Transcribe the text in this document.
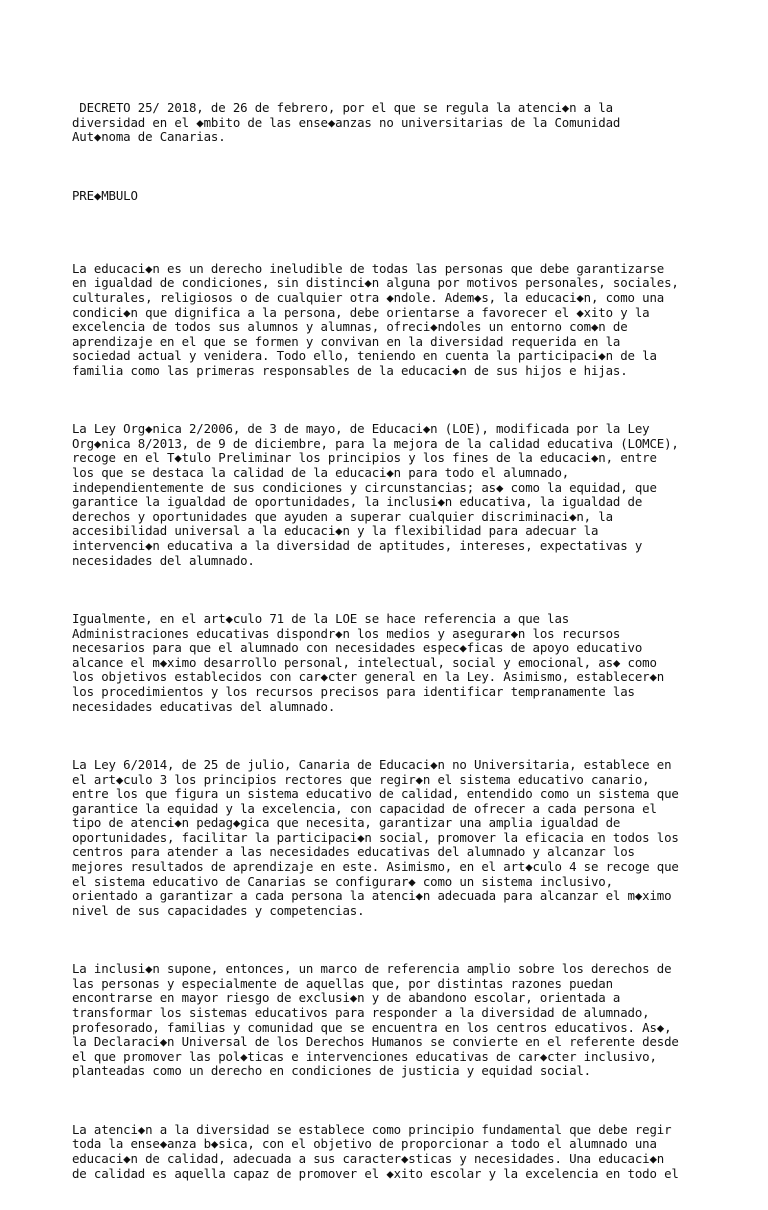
DECRETO 25/ 2018, de 26 de febrero, por el que se regula la atenci◆n a la
diversidad en el ◆mbito de las ense◆anzas no universitarias de la Comunidad
Aut◆noma de Canarias.

PRE◆MBULO

La educaci◆n es un derecho ineludible de todas las personas que debe garantizarse
en igualdad de condiciones, sin distinci◆n alguna por motivos personales, sociales,
culturales, religiosos o de cualquier otra ◆ndole. Adem◆s, la educaci◆n, como una
condici◆n que dignifica a la persona, debe orientarse a favorecer el ◆xito y la
excelencia de todos sus alumnos y alumnas, ofreci◆ndoles un entorno com◆n de
aprendizaje en el que se formen y convivan en la diversidad requerida en la
sociedad actual y venidera. Todo ello, teniendo en cuenta la participaci◆n de la
familia como las primeras responsables de la educaci◆n de sus hijos e hijas.

La Ley Org◆nica 2/2006, de 3 de mayo, de Educaci◆n (LOE), modificada por la Ley
Org◆nica 8/2013, de 9 de diciembre, para la mejora de la calidad educativa (LOMCE),
recoge en el T◆tulo Preliminar los principios y los fines de la educaci◆n, entre
los que se destaca la calidad de la educaci◆n para todo el alumnado,
independientemente de sus condiciones y circunstancias; as◆ como la equidad, que
garantice la igualdad de oportunidades, la inclusi◆n educativa, la igualdad de
derechos y oportunidades que ayuden a superar cualquier discriminaci◆n, la
accesibilidad universal a la educaci◆n y la flexibilidad para adecuar la
intervenci◆n educativa a la diversidad de aptitudes, intereses, expectativas y
necesidades del alumnado.

Igualmente, en el art◆culo 71 de la LOE se hace referencia a que las
Administraciones educativas dispondr◆n los medios y asegurar◆n los recursos
necesarios para que el alumnado con necesidades espec◆ficas de apoyo educativo
alcance el m◆ximo desarrollo personal, intelectual, social y emocional, as◆ como
los objetivos establecidos con car◆cter general en la Ley. Asimismo, establecer◆n
los procedimientos y los recursos precisos para identificar tempranamente las
necesidades educativas del alumnado.

La Ley 6/2014, de 25 de julio, Canaria de Educaci◆n no Universitaria, establece en
el art◆culo 3 los principios rectores que regir◆n el sistema educativo canario,
entre los que figura un sistema educativo de calidad, entendido como un sistema que
garantice la equidad y la excelencia, con capacidad de ofrecer a cada persona el
tipo de atenci◆n pedag◆gica que necesita, garantizar una amplia igualdad de
oportunidades, facilitar la participaci◆n social, promover la eficacia en todos los
centros para atender a las necesidades educativas del alumnado y alcanzar los
mejores resultados de aprendizaje en este. Asimismo, en el art◆culo 4 se recoge que
el sistema educativo de Canarias se configurar◆ como un sistema inclusivo,
orientado a garantizar a cada persona la atenci◆n adecuada para alcanzar el m◆ximo
nivel de sus capacidades y competencias.

La inclusi◆n supone, entonces, un marco de referencia amplio sobre los derechos de
las personas y especialmente de aquellas que, por distintas razones puedan
encontrarse en mayor riesgo de exclusi◆n y de abandono escolar, orientada a
transformar los sistemas educativos para responder a la diversidad de alumnado,
profesorado, familias y comunidad que se encuentra en los centros educativos. As◆,
la Declaraci◆n Universal de los Derechos Humanos se convierte en el referente desde
el que promover las pol◆ticas e intervenciones educativas de car◆cter inclusivo,
planteadas como un derecho en condiciones de justicia y equidad social.

La atenci◆n a la diversidad se establece como principio fundamental que debe regir
toda la ense◆anza b◆sica, con el objetivo de proporcionar a todo el alumnado una
educaci◆n de calidad, adecuada a sus caracter◆sticas y necesidades. Una educaci◆n
de calidad es aquella capaz de promover el ◆xito escolar y la excelencia en todo el
